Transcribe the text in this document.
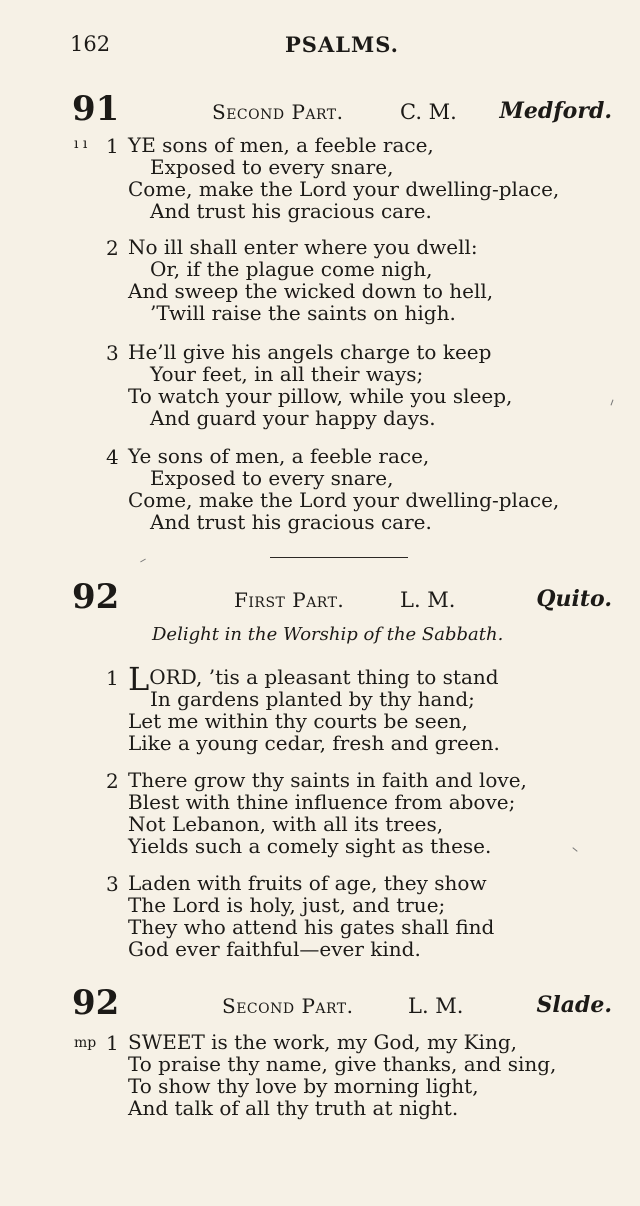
162	PSALMS.
91	Second Part.	C. M. Medford.
ı ı 1 YE sons of men, a feeble race,
Exposed to every snare,
Come, make the Lord your dwelling-place,
And trust his gracious care.
2 No ill shall enter where you dwell:
Or, if the plague come nigh,
And sweep the wicked down to hell,
’Twill raise the saints on high.
3 He’ll give his angels charge to keep
Your feet, in all their ways;
To watch your pillow, while you sleep,
And guard your happy days.
4 Ye sons of men, a feeble race,
Exposed to every snare,
Come, make the Lord your dwelling-place,
And trust his gracious care.
92	First Part.	L. M.	Quito.
Delight in the Worship of the Sabbath.
1 LORD, ’tis a pleasant thing to stand
In gardens planted by thy hand;
Let me within thy courts be seen,
Like a young cedar, fresh and green.
2 There grow thy saints in faith and love,
Blest with thine influence from above;
Not Lebanon, with all its trees,
Yields such a comely sight as these.
3 Laden with fruits of age, they show
The Lord is holy, just, and true;
They who attend his gates shall find
God ever faithful—ever kind.
92	Second Part.	L. M.	Slade.
mp 1 SWEET is the work, my God, my King,
To praise thy name, give thanks, and sing,
To show thy love by morning light,
And talk of all thy truth at night.
